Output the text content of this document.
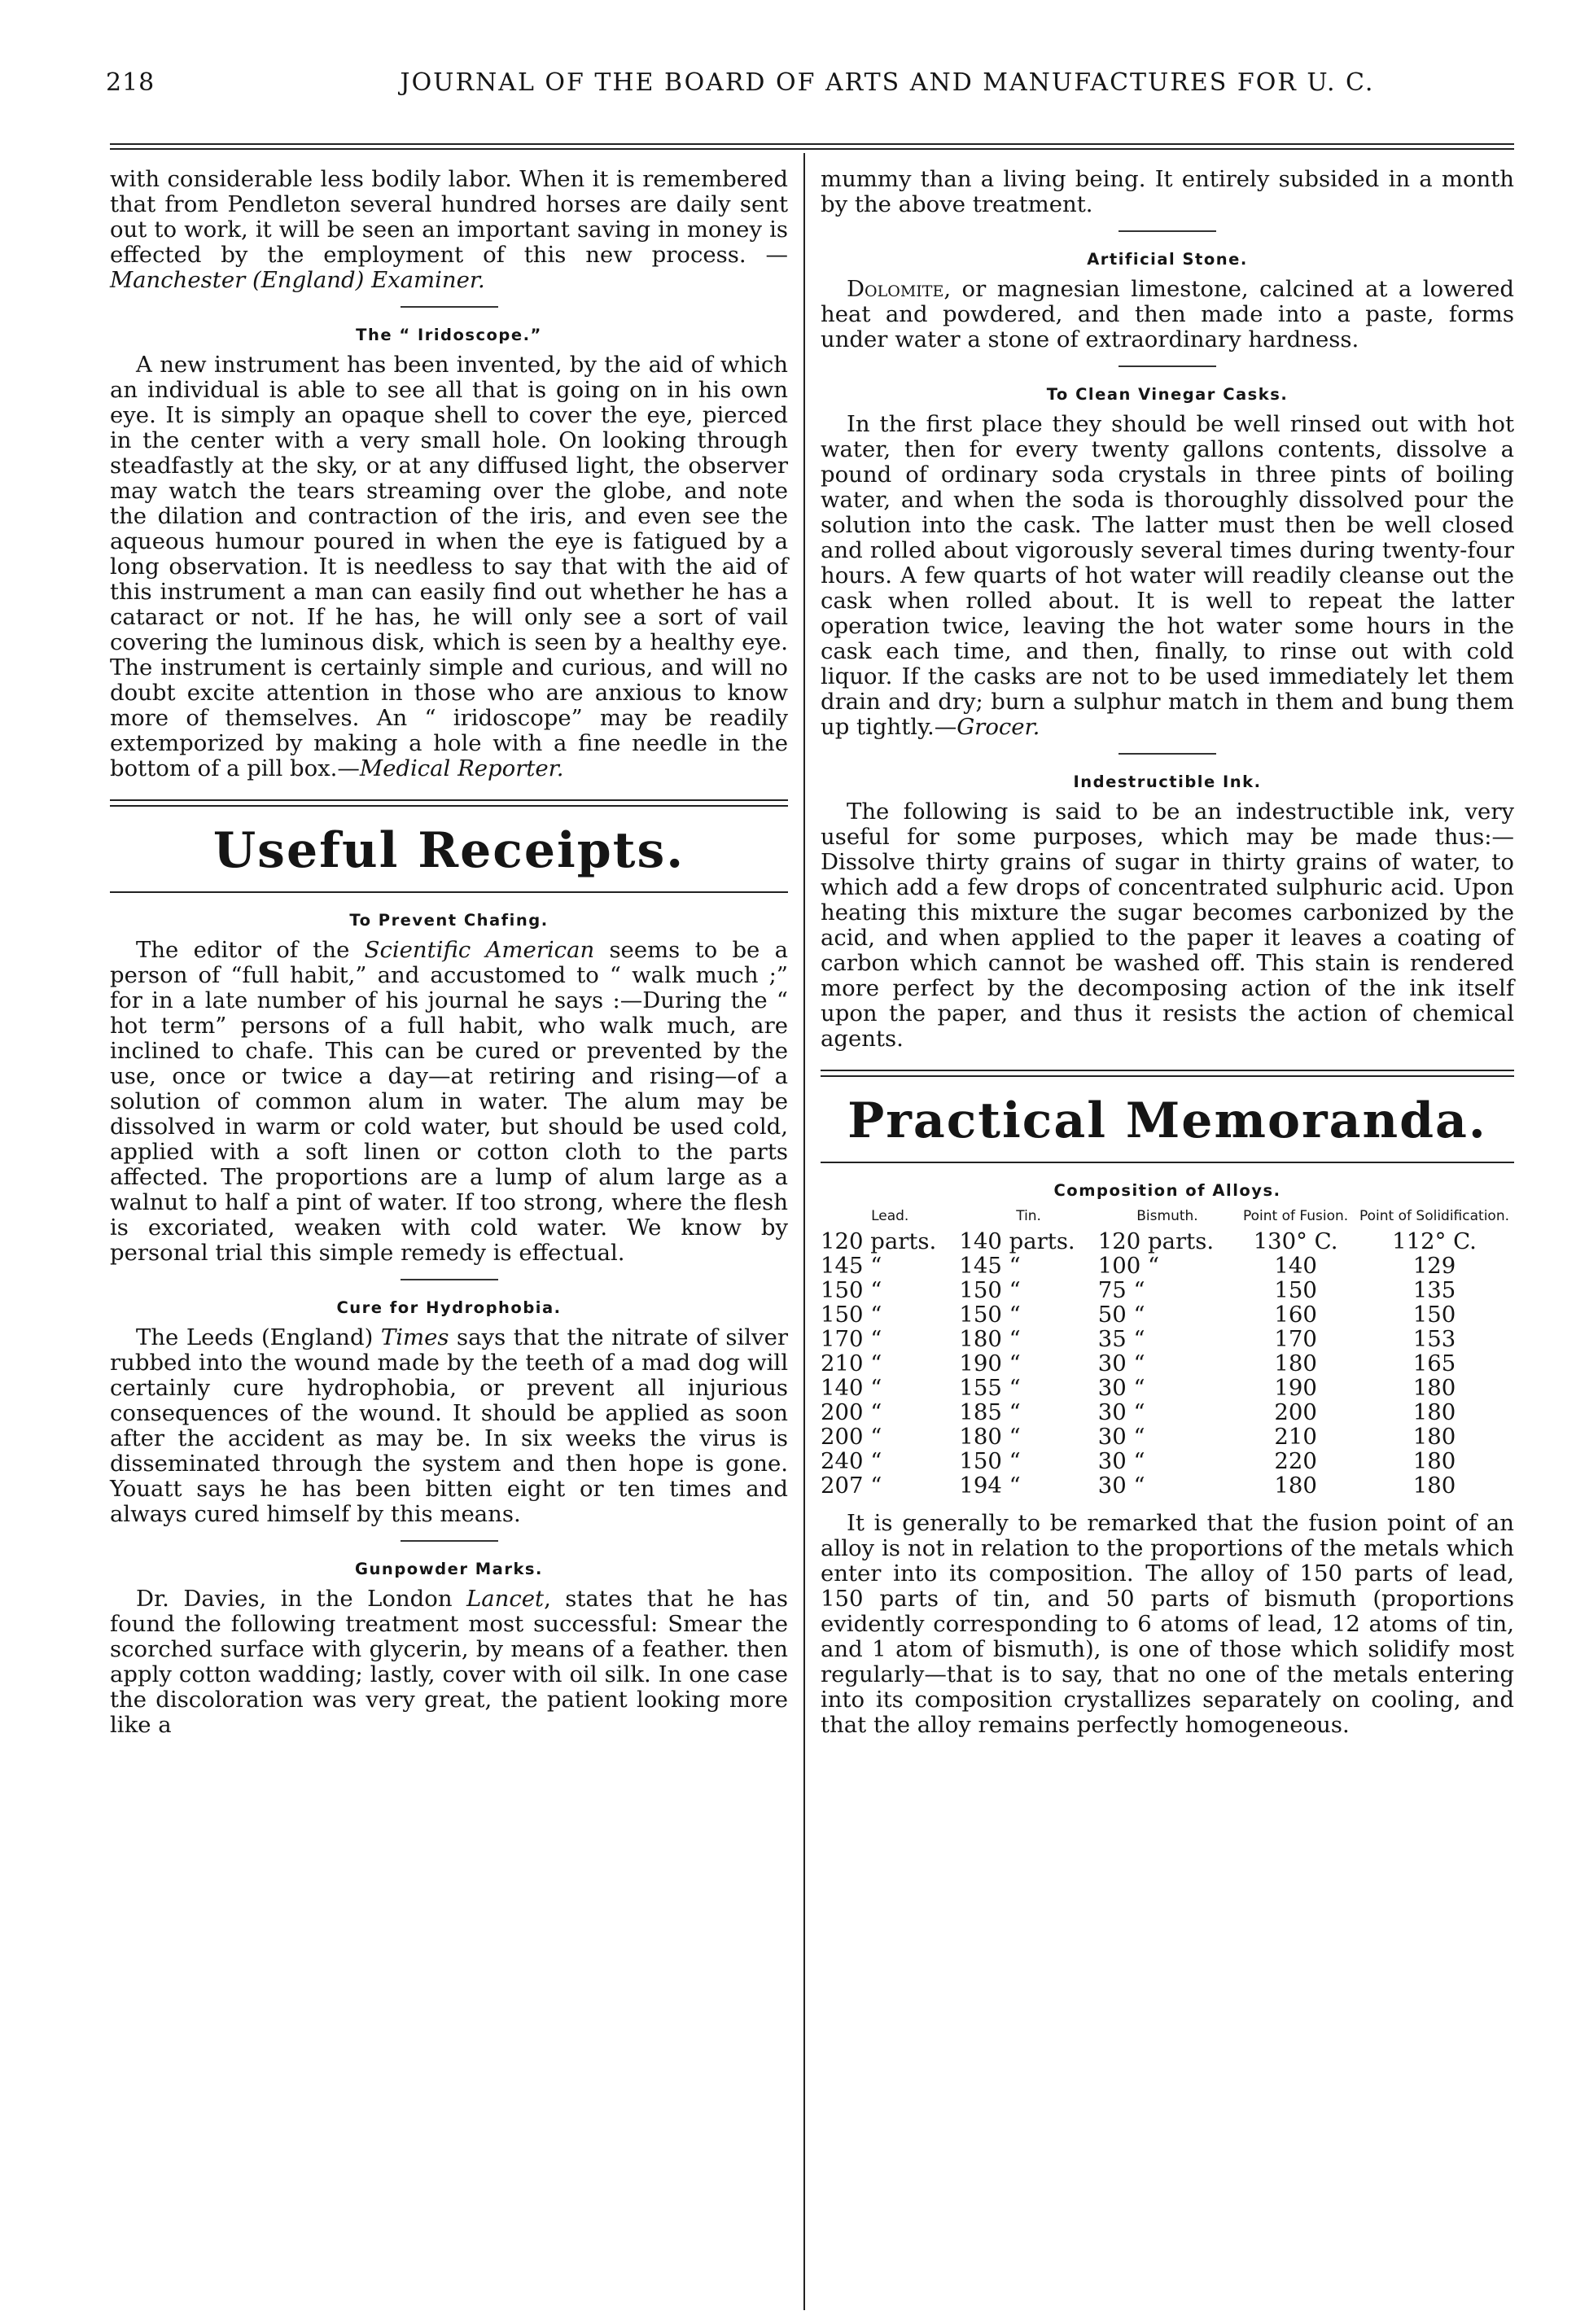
218	JOURNAL OF THE BOARD OF ARTS AND MANUFACTURES FOR U. C.

with considerable less bodily labor. When it is remembered that from Pendleton several hundred horses are daily sent out to work, it will be seen an important saving in money is effected by the employment of this new process. — Manchester (England) Examiner.

The “ Iridoscope.”

A new instrument has been invented, by the aid of which an individual is able to see all that is going on in his own eye. It is simply an opaque shell to cover the eye, pierced in the center with a very small hole. On looking through steadfastly at the sky, or at any diffused light, the observer may watch the tears streaming over the globe, and note the dilation and contraction of the iris, and even see the aqueous humour poured in when the eye is fatigued by a long observation. It is needless to say that with the aid of this instrument a man can easily find out whether he has a cataract or not. If he has, he will only see a sort of vail covering the luminous disk, which is seen by a healthy eye. The instrument is certainly simple and curious, and will no doubt excite attention in those who are anxious to know more of themselves. An “ iridoscope” may be readily extemporized by making a hole with a fine needle in the bottom of a pill box.—Medical Reporter.

Useful Receipts.
To Prevent Chafing.

The editor of the Scientific American seems to be a person of “full habit,” and accustomed to “ walk much ;” for in a late number of his journal he says :—During the “ hot term” persons of a full habit, who walk much, are inclined to chafe. This can be cured or prevented by the use, once or twice a day—at retiring and rising—of a solution of common alum in water. The alum may be dissolved in warm or cold water, but should be used cold, applied with a soft linen or cotton cloth to the parts affected. The proportions are a lump of alum large as a walnut to half a pint of water. If too strong, where the flesh is excoriated, weaken with cold water. We know by personal trial this simple remedy is effectual.

Cure for Hydrophobia.

The Leeds (England) Times says that the nitrate of silver rubbed into the wound made by the teeth of a mad dog will certainly cure hydrophobia, or prevent all injurious consequences of the wound. It should be applied as soon after the accident as may be. In six weeks the virus is disseminated through the system and then hope is gone. Youatt says he has been bitten eight or ten times and always cured himself by this means.

Gunpowder Marks.

Dr. Davies, in the London Lancet, states that he has found the following treatment most successful: Smear the scorched surface with glycerin, by means of a feather. then apply cotton wadding; lastly, cover with oil silk. In one case the discoloration was very great, the patient looking more like a

mummy than a living being. It entirely subsided in a month by the above treatment.

Artificial Stone.

Dolomite, or magnesian limestone, calcined at a lowered heat and powdered, and then made into a paste, forms under water a stone of extraordinary hardness.

To Clean Vinegar Casks.

In the first place they should be well rinsed out with hot water, then for every twenty gallons contents, dissolve a pound of ordinary soda crystals in three pints of boiling water, and when the soda is thoroughly dissolved pour the solution into the cask. The latter must then be well closed and rolled about vigorously several times during twenty-four hours. A few quarts of hot water will readily cleanse out the cask when rolled about. It is well to repeat the latter operation twice, leaving the hot water some hours in the cask each time, and then, finally, to rinse out with cold liquor. If the casks are not to be used immediately let them drain and dry; burn a sulphur match in them and bung them up tightly.—Grocer.

Indestructible Ink.

The following is said to be an indestructible ink, very useful for some purposes, which may be made thus:—Dissolve thirty grains of sugar in thirty grains of water, to which add a few drops of concentrated sulphuric acid. Upon heating this mixture the sugar becomes carbonized by the acid, and when applied to the paper it leaves a coating of carbon which cannot be washed off. This stain is rendered more perfect by the decomposing action of the ink itself upon the paper, and thus it resists the action of chemical agents.

Practical Memoranda.
Composition of Alloys.
Lead.	Tin.	Bismuth.	Point of Fusion.	Point of Solidification.
120 parts.	140 parts.	120 parts.	130° C.	112° C.
145 “	145 “	100 “	140	129
150 “	150 “	75 “	150	135
150 “	150 “	50 “	160	150
170 “	180 “	35 “	170	153
210 “	190 “	30 “	180	165
140 “	155 “	30 “	190	180
200 “	185 “	30 “	200	180
200 “	180 “	30 “	210	180
240 “	150 “	30 “	220	180
207 “	194 “	30 “	180	180

It is generally to be remarked that the fusion point of an alloy is not in relation to the proportions of the metals which enter into its composition. The alloy of 150 parts of lead, 150 parts of tin, and 50 parts of bismuth (proportions evidently corresponding to 6 atoms of lead, 12 atoms of tin, and 1 atom of bismuth), is one of those which solidify most regularly—that is to say, that no one of the metals entering into its composition crystallizes separately on cooling, and that the alloy remains perfectly homogeneous.
